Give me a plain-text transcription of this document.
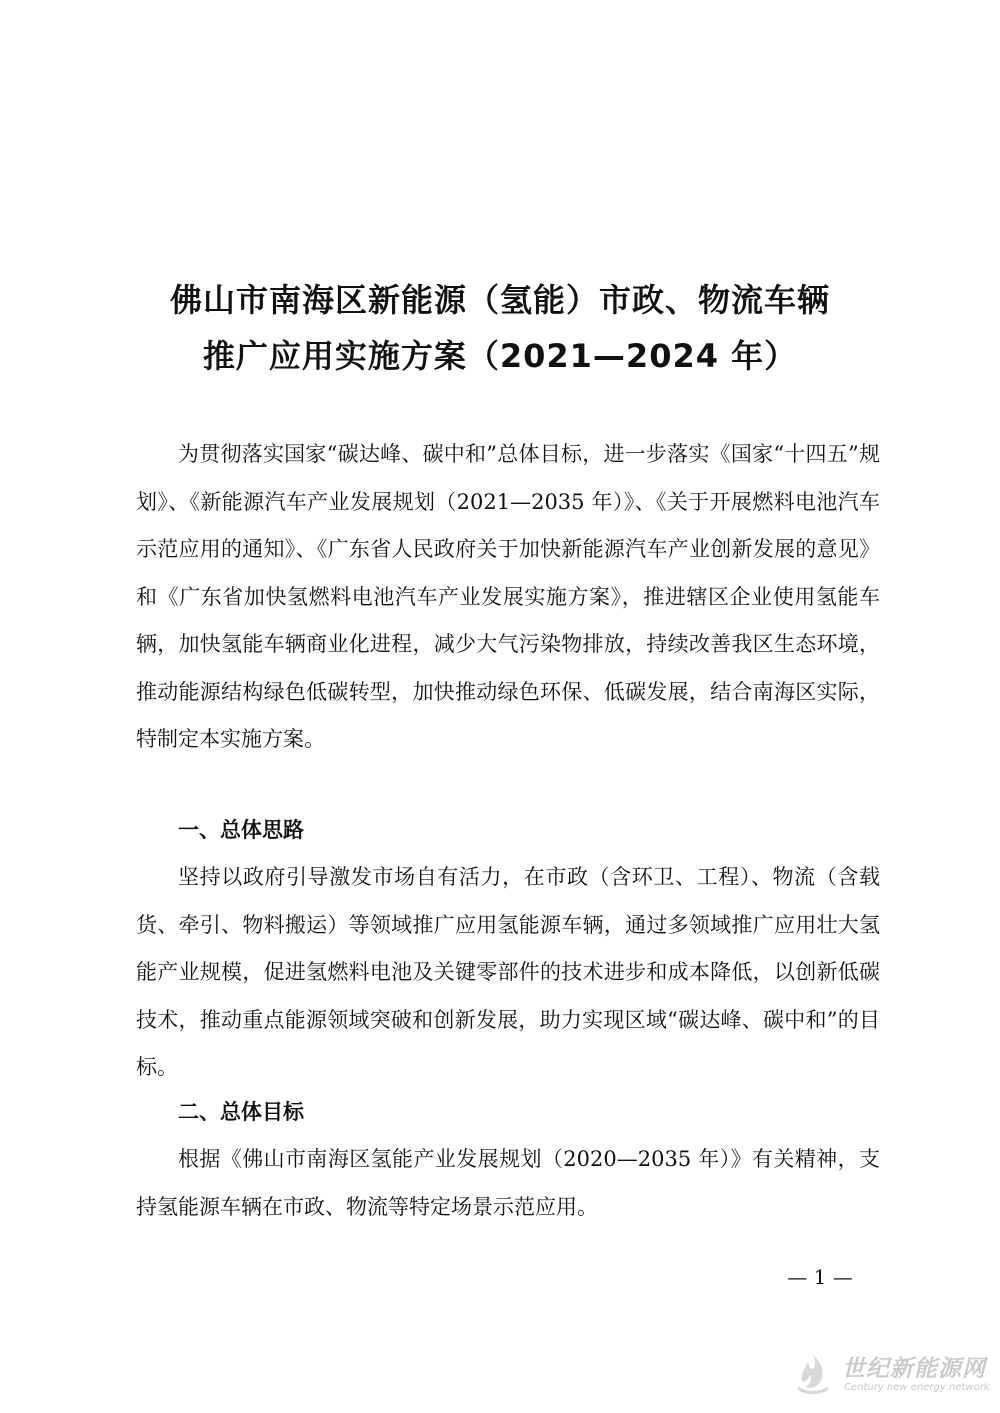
佛山市南海区新能源（氢能）市政、物流车辆
推广应用实施方案（2021—2024 年）

为贯彻落实国家“碳达峰、碳中和”总体目标，进一步落实《国家“十四五”规划》、《新能源汽车产业发展规划（2021—2035 年）》、《关于开展燃料电池汽车示范应用的通知》、《广东省人民政府关于加快新能源汽车产业创新发展的意见》和《广东省加快氢燃料电池汽车产业发展实施方案》，推进辖区企业使用氢能车辆，加快氢能车辆商业化进程，减少大气污染物排放，持续改善我区生态环境，推动能源结构绿色低碳转型，加快推动绿色环保、低碳发展，结合南海区实际，特制定本实施方案。

一、总体思路

坚持以政府引导激发市场自有活力，在市政（含环卫、工程）、物流（含载货、牵引、物料搬运）等领域推广应用氢能源车辆，通过多领域推广应用壮大氢能产业规模，促进氢燃料电池及关键零部件的技术进步和成本降低，以创新低碳技术，推动重点能源领域突破和创新发展，助力实现区域“碳达峰、碳中和”的目标。

二、总体目标

根据《佛山市南海区氢能产业发展规划（2020—2035 年）》有关精神，支持氢能源车辆在市政、物流等特定场景示范应用。

— 1 —
世纪新能源网
Century new energy network
